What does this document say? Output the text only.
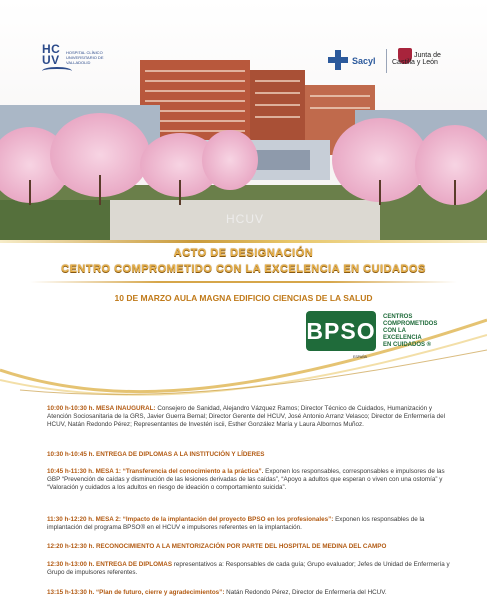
HC
UV
HOSPITAL CLÍNICO UNIVERSITARIO DE VALLADOLID	Sacyl
Junta de
Castilla y León
HCUV
ACTO DE DESIGNACIÓN
CENTRO COMPROMETIDO CON LA EXCELENCIA EN CUIDADOS
10 DE MARZO AULA MAGNA EDIFICIO CIENCIAS DE LA SALUD
BPSO
ESPAÑA
CENTROS
COMPROMETIDOS
CON LA
EXCELENCIA
EN CUIDADOS ®

10:00 h-10:30 h. MESA INAUGURAL: Consejero de Sanidad, Alejandro Vázquez Ramos; Director Técnico de Cuidados, Humanización y Atención Sociosanitaria de la GRS, Javier Guerra Bernal; Director Gerente del HCUV, José Antonio Arranz Velasco; Director de Enfermería del HCUV, Natán Redondo Pérez; Representantes de Investén iscii, Esther González María y Laura Albornos Muñoz.

10:30 h-10:45 h. ENTREGA DE DIPLOMAS A LA INSTITUCIÓN Y LÍDERES

10:45 h-11:30 h. MESA 1: “Transferencia del conocimiento a la práctica”. Exponen los responsables, corresponsables e impulsores de las GBP “Prevención de caídas y disminución de las lesiones derivadas de las caídas”, “Apoyo a adultos que esperan o viven con una ostomía” y “Valoración y cuidados a los adultos en riesgo de ideación o comportamiento suicida”.

11:30 h-12:20 h. MESA 2: “Impacto de la implantación del proyecto BPSO en los profesionales”: Exponen los responsables de la implantación del programa BPSO® en el HCUV e impulsores referentes en la implantación.

12:20 h-12:30 h. RECONOCIMIENTO A LA MENTORIZACIÓN POR PARTE DEL HOSPITAL DE MEDINA DEL CAMPO

12:30 h-13:00 h. ENTREGA DE DIPLOMAS representativos a: Responsables de cada guía; Grupo evaluador; Jefes de Unidad de Enfermería y Grupo de impulsores referentes.

13:15 h-13:30 h. “Plan de futuro, cierre y agradecimientos”: Natán Redondo Pérez, Director de Enfermería del HCUV.
